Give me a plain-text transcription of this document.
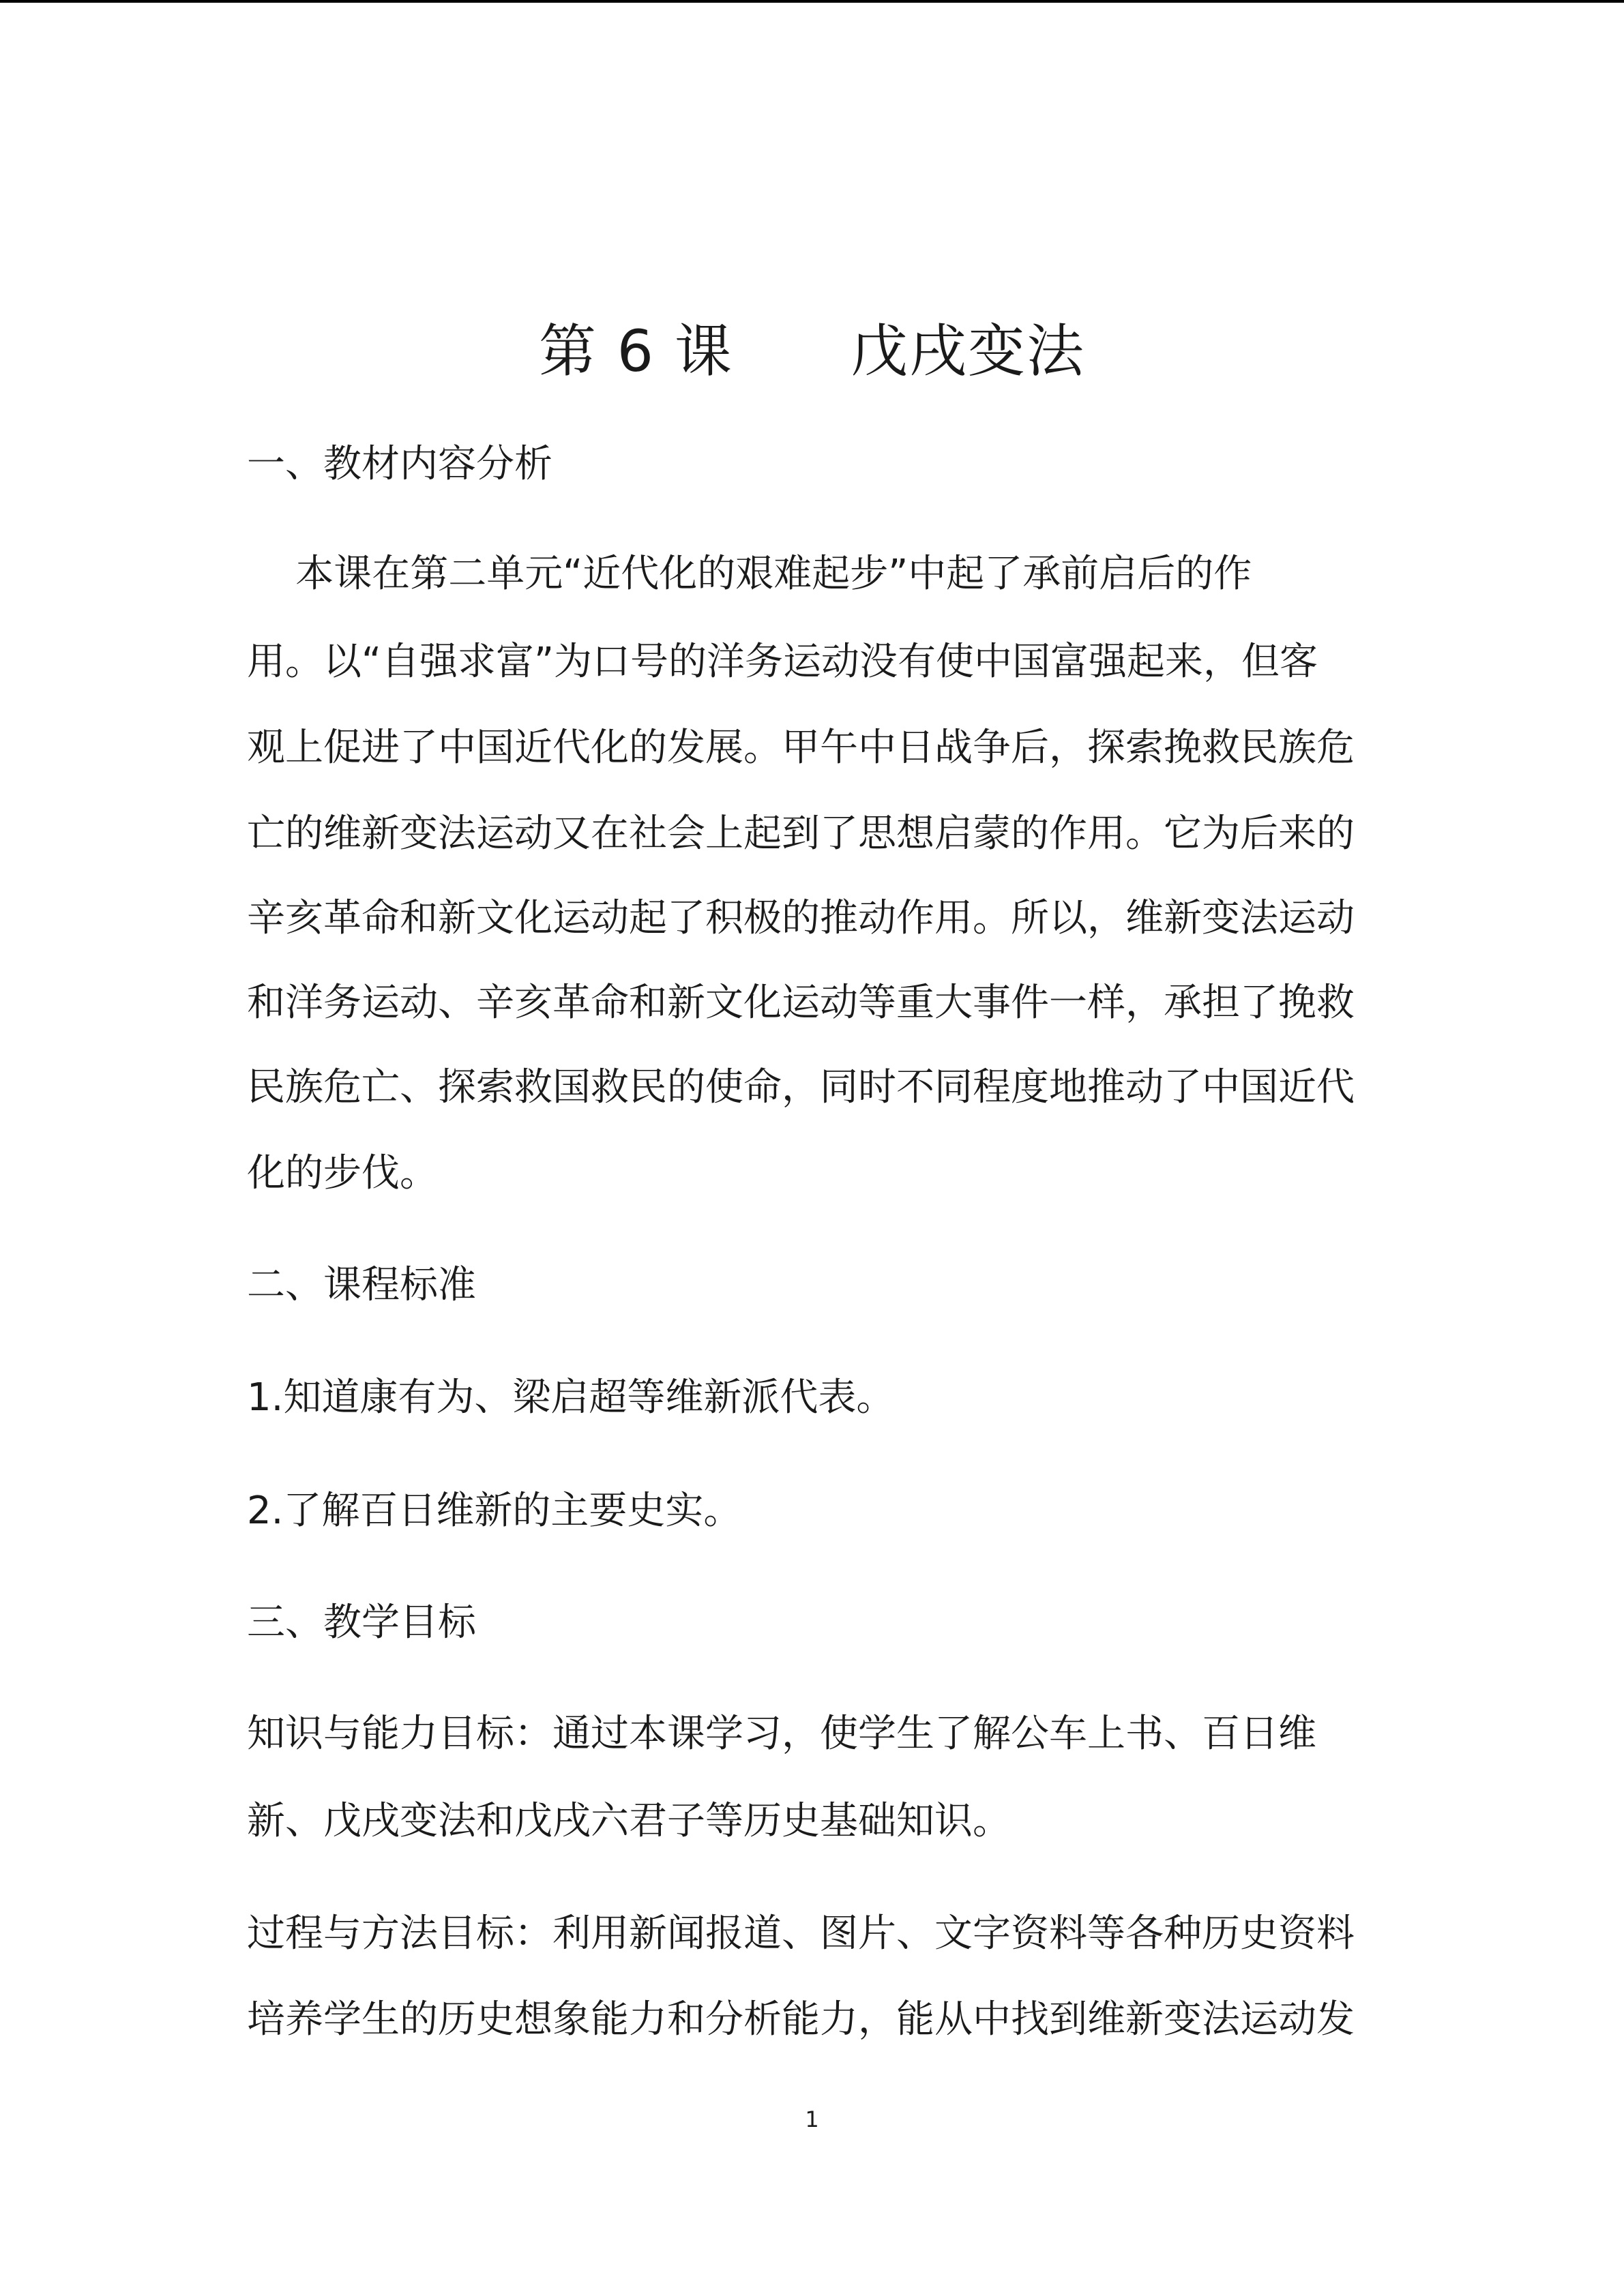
第 6 课      戊戌变法
一、教材内容分析
本课在第二单元“近代化的艰难起步”中起了承前启后的作
用。以“自强求富”为口号的洋务运动没有使中国富强起来，但客
观上促进了中国近代化的发展。甲午中日战争后，探索挽救民族危
亡的维新变法运动又在社会上起到了思想启蒙的作用。它为后来的
辛亥革命和新文化运动起了积极的推动作用。所以，维新变法运动
和洋务运动、辛亥革命和新文化运动等重大事件一样，承担了挽救
民族危亡、探索救国救民的使命，同时不同程度地推动了中国近代
化的步伐。
二、课程标准
1.知道康有为、梁启超等维新派代表。
2.了解百日维新的主要史实。
三、教学目标
知识与能力目标：通过本课学习，使学生了解公车上书、百日维
新、戊戌变法和戊戌六君子等历史基础知识。
过程与方法目标：利用新闻报道、图片、文字资料等各种历史资料
培养学生的历史想象能力和分析能力，能从中找到维新变法运动发
1
